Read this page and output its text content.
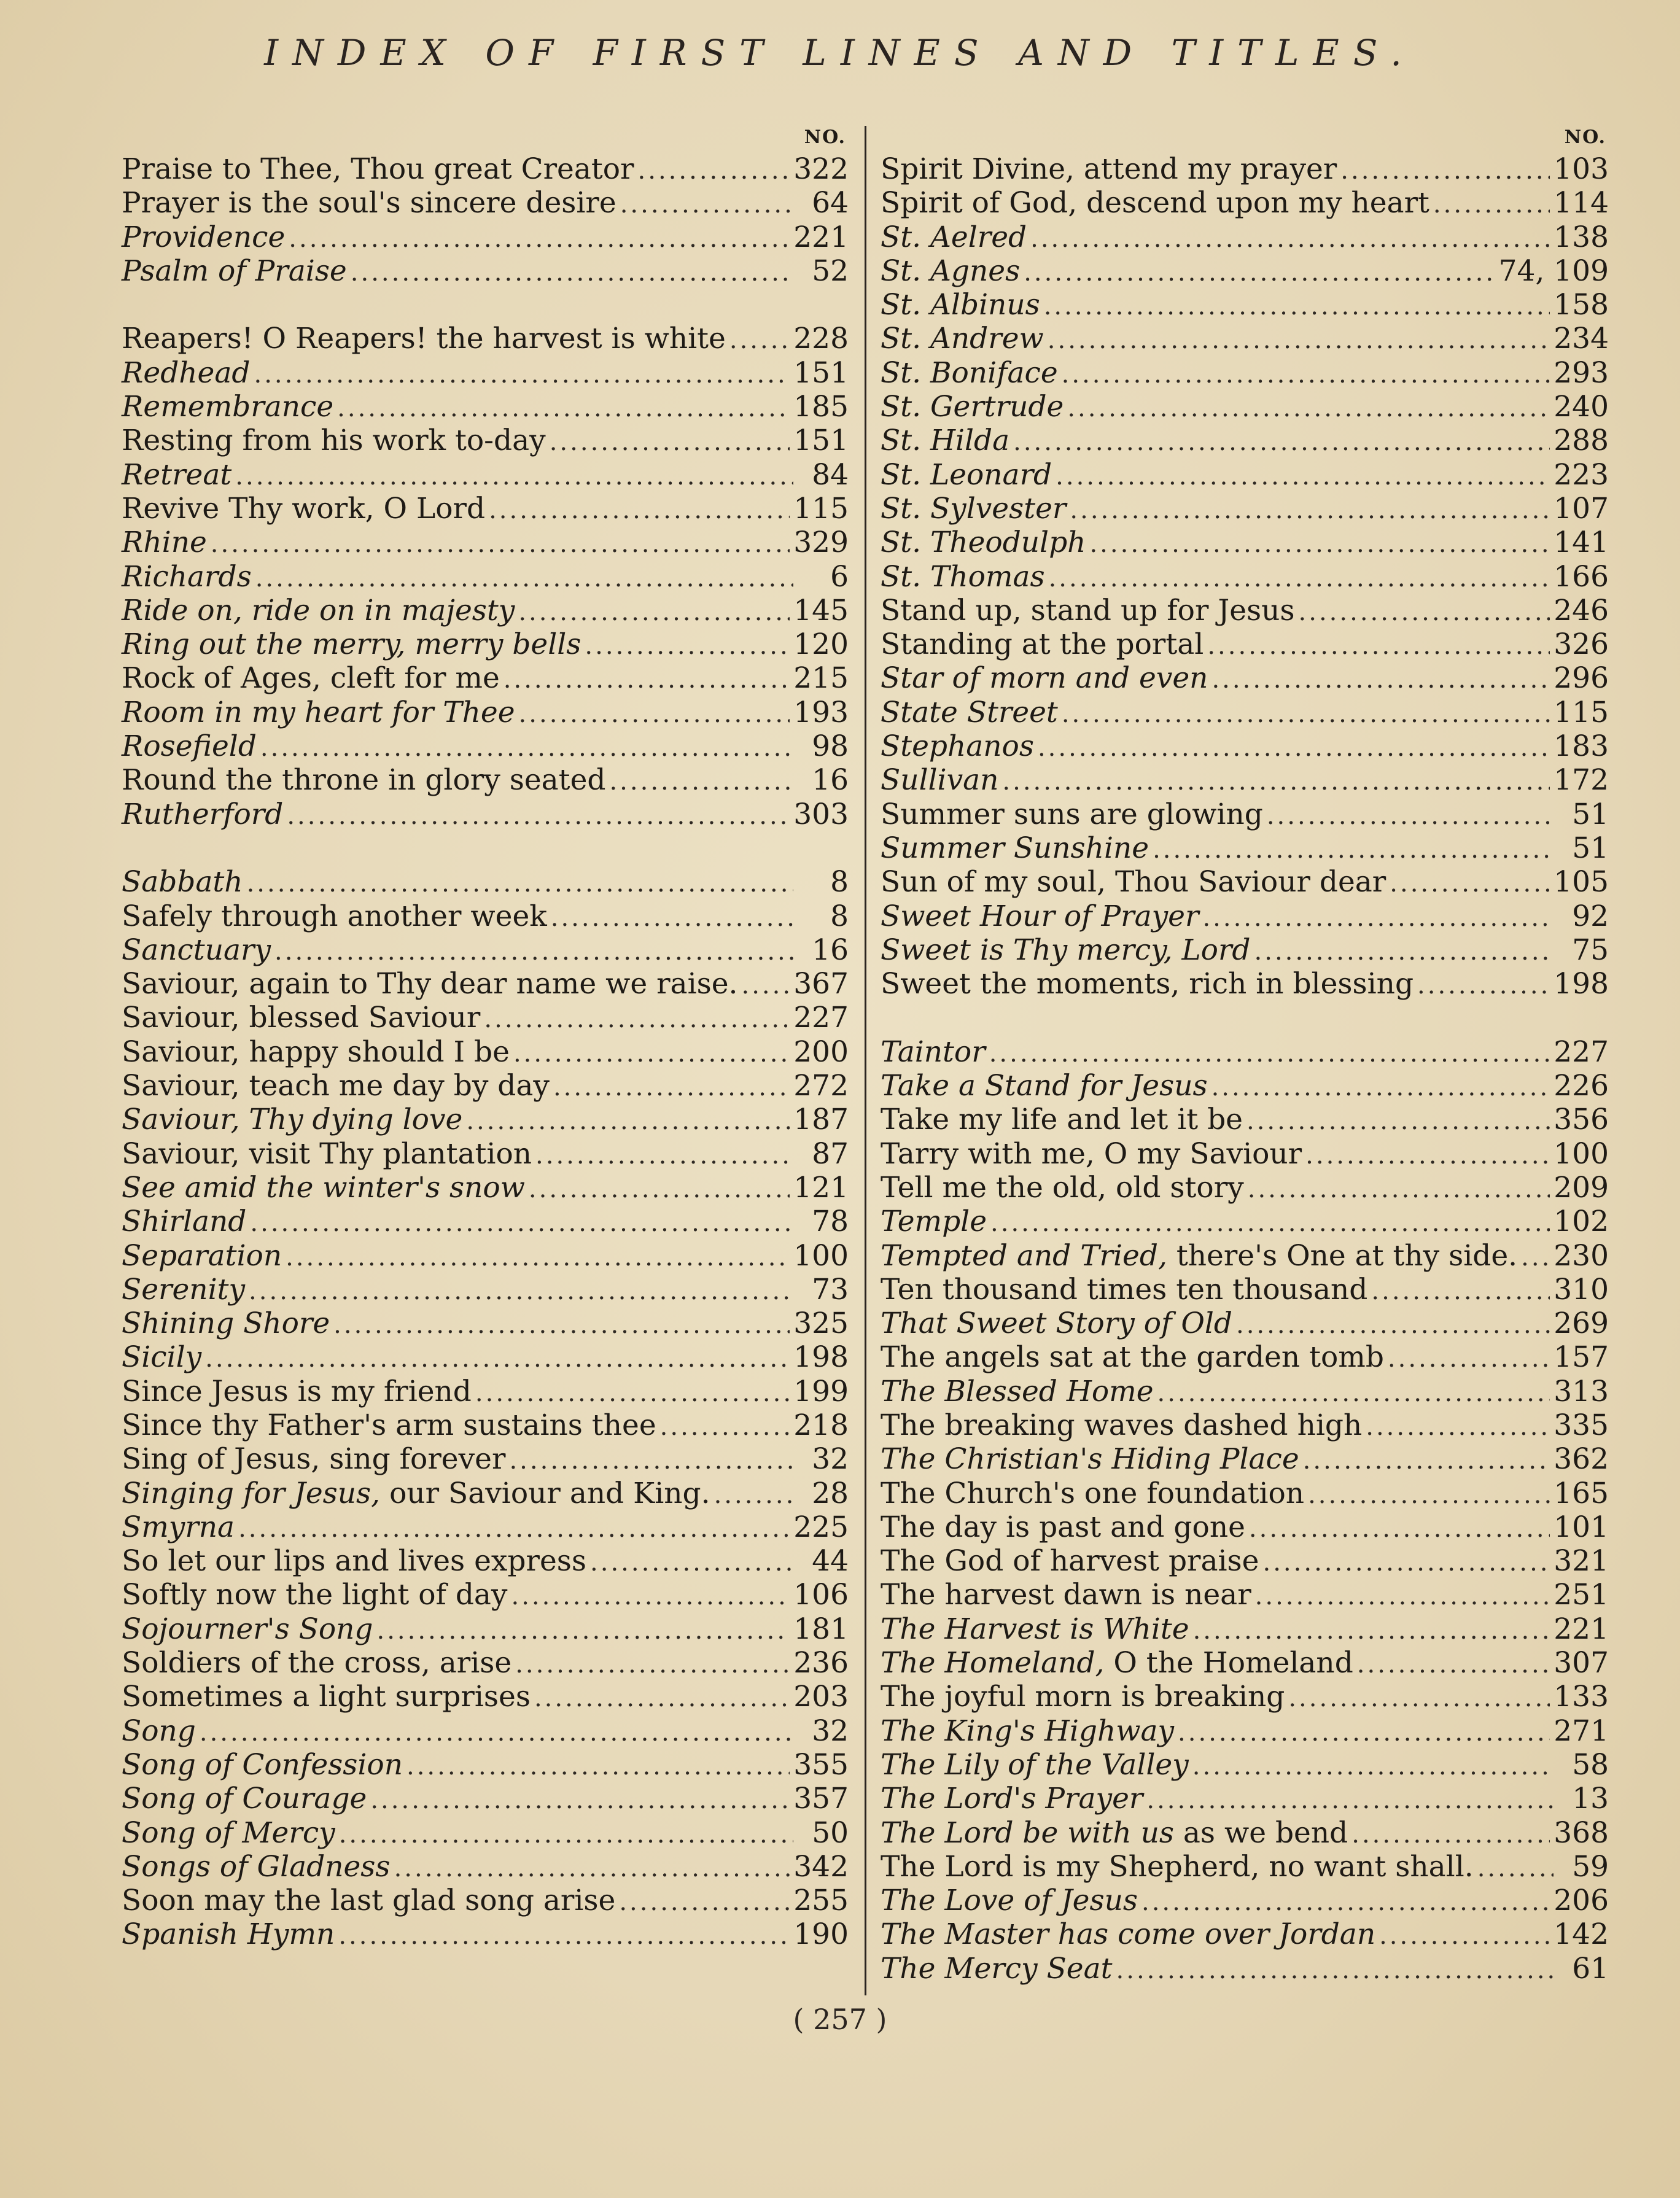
INDEX OF FIRST LINES AND TITLES.
NO.
Praise to Thee, Thou great Creator .....	322
Prayer is the soul's sincere desire .....	64
Providence .....	221
Psalm of Praise .....	52
Reapers! O Reapers! the harvest is white ..... 228
Redhead .....	151
Remembrance .....	185
Resting from his work to-day .....	151
Retreat .....	84
Revive Thy work, O Lord .....	115
Rhine .....	329
Richards .....	6
Ride on, ride on in majesty .....	145
Ring out the merry, merry bells .....	120
Rock of Ages, cleft for me .....	215
Room in my heart for Thee .....	193
Rosefield .....	98
Round the throne in glory seated .....	16
Rutherford .....	303
Sabbath .....	8
Safely through another week .....	8
Sanctuary .....	16
Saviour, again to Thy dear name we raise. ..... 367
Saviour, blessed Saviour .....	227
Saviour, happy should I be .....	200
Saviour, teach me day by day .....	272
Saviour, Thy dying love .....	187
Saviour, visit Thy plantation .....	87
See amid the winter's snow .....	121
Shirland .....	78
Separation .....	100
Serenity .....	73
Shining Shore .....	325
Sicily .....	198
Since Jesus is my friend .....	199
Since thy Father's arm sustains thee .....	218
Sing of Jesus, sing forever .....	32
Singing for Jesus, our Saviour and King. .....	28
Smyrna .....	225
So let our lips and lives express .....	44
Softly now the light of day .....	106
Sojourner's Song .....	181
Soldiers of the cross, arise .....	236
Sometimes a light surprises .....	203
Song .....	32
Song of Confession .....	355
Song of Courage .....	357
Song of Mercy .....	50
Songs of Gladness .....	342
Soon may the last glad song arise .....	255
Spanish Hymn .....	190
NO.
Spirit Divine, attend my prayer .....	103
Spirit of God, descend upon my heart .....	114
St. Aelred .....	138
St. Agnes .....	74, 109
St. Albinus .....	158
St. Andrew .....	234
St. Boniface .....	293
St. Gertrude .....	240
St. Hilda .....	288
St. Leonard .....	223
St. Sylvester .....	107
St. Theodulph .....	141
St. Thomas .....	166
Stand up, stand up for Jesus .....	246
Standing at the portal .....	326
Star of morn and even .....	296
State Street .....	115
Stephanos .....	183
Sullivan .....	172
Summer suns are glowing .....	51
Summer Sunshine .....	51
Sun of my soul, Thou Saviour dear .....	105
Sweet Hour of Prayer .....	92
Sweet is Thy mercy, Lord .....	75
Sweet the moments, rich in blessing .....	198
Taintor .....	227
Take a Stand for Jesus .....	226
Take my life and let it be .....	356
Tarry with me, O my Saviour .....	100
Tell me the old, old story .....	209
Temple .....	102
Tempted and Tried, there's One at thy side. ..... 230
Ten thousand times ten thousand .....	310
That Sweet Story of Old .....	269
The angels sat at the garden tomb .....	157
The Blessed Home .....	313
The breaking waves dashed high .....	335
The Christian's Hiding Place .....	362
The Church's one foundation .....	165
The day is past and gone .....	101
The God of harvest praise .....	321
The harvest dawn is near .....	251
The Harvest is White .....	221
The Homeland, O the Homeland .....	307
The joyful morn is breaking .....	133
The King's Highway .....	271
The Lily of the Valley .....	58
The Lord's Prayer .....	13
The Lord be with us as we bend .....	368
The Lord is my Shepherd, no want shall. .....	59
The Love of Jesus .....	206
The Master has come over Jordan .....	142
The Mercy Seat .....	61
( 257 )
